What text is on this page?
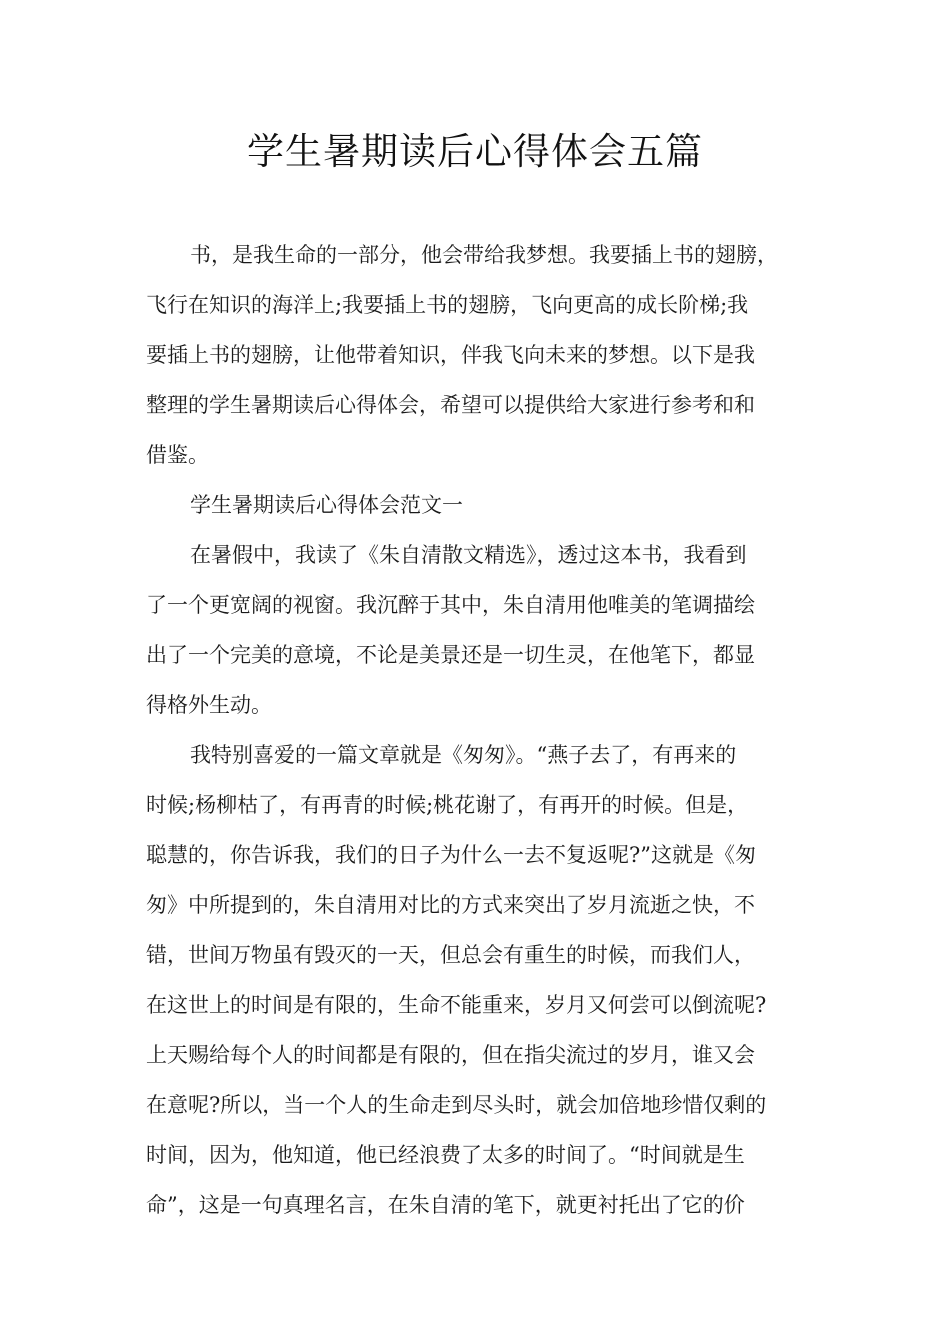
学生暑期读后心得体会五篇
书，是我生命的一部分，他会带给我梦想。我要插上书的翅膀，
飞行在知识的海洋上;我要插上书的翅膀，飞向更高的成长阶梯;我
要插上书的翅膀，让他带着知识，伴我飞向未来的梦想。以下是我
整理的学生暑期读后心得体会，希望可以提供给大家进行参考和和
借鉴。
学生暑期读后心得体会范文一
在暑假中，我读了《朱自清散文精选》，透过这本书，我看到
了一个更宽阔的视窗。我沉醉于其中，朱自清用他唯美的笔调描绘
出了一个完美的意境，不论是美景还是一切生灵，在他笔下，都显
得格外生动。
我特别喜爱的一篇文章就是《匆匆》。“燕子去了，有再来的
时候;杨柳枯了，有再青的时候;桃花谢了，有再开的时候。但是，
聪慧的，你告诉我，我们的日子为什么一去不复返呢?”这就是《匆
匆》中所提到的，朱自清用对比的方式来突出了岁月流逝之快，不
错，世间万物虽有毁灭的一天，但总会有重生的时候，而我们人，
在这世上的时间是有限的，生命不能重来，岁月又何尝可以倒流呢?
上天赐给每个人的时间都是有限的，但在指尖流过的岁月，谁又会
在意呢?所以，当一个人的生命走到尽头时，就会加倍地珍惜仅剩的
时间，因为，他知道，他已经浪费了太多的时间了。“时间就是生
命”，这是一句真理名言，在朱自清的笔下，就更衬托出了它的价
